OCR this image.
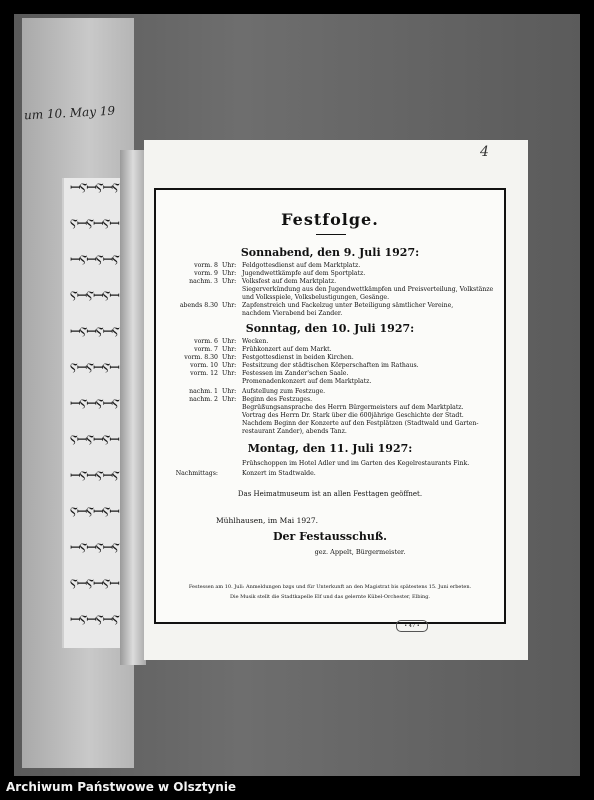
um 10. May 19
ꟷⲊꟷⲊꟷⲊ
ⲊꟷⲊꟷⲊꟷ
ꟷⲊꟷⲊꟷⲊ
ⲊꟷⲊꟷⲊꟷ
ꟷⲊꟷⲊꟷⲊ
ⲊꟷⲊꟷⲊꟷ
ꟷⲊꟷⲊꟷⲊ
ⲊꟷⲊꟷⲊꟷ
ꟷⲊꟷⲊꟷⲊ
ⲊꟷⲊꟷⲊꟷ
ꟷⲊꟷⲊꟷⲊ
ⲊꟷⲊꟷⲊꟷ
ꟷⲊꟷⲊꟷⲊ
4
Festfolge.
Sonnabend, den 9. Juli 1927:
vorm. 8 Uhr: Feldgottesdienst auf dem Marktplatz.
vorm. 9 Uhr: Jugendwettkämpfe auf dem Sportplatz.
nachm. 3 Uhr: Volksfest auf dem Marktplatz.
Siegerverkündung aus den Jugendwettkämpfen und Preisverteilung, Volkstänze und Volksspiele, Volksbelustigungen, Gesänge.
abends 8.30 Uhr: Zapfenstreich und Fackelzug unter Beteiligung sämtlicher Vereine,
nachdem Vierabend bei Zander.
Sonntag, den 10. Juli 1927:
vorm. 6 Uhr: Wecken.
vorm. 7 Uhr: Frühkonzert auf dem Markt.
vorm. 8.30 Uhr: Festgottesdienst in beiden Kirchen.
vorm. 10 Uhr: Festsitzung der städtischen Körperschaften im Rathaus.
vorm. 12 Uhr: Festessen im Zander'schen Saale.
Promenadenkonzert auf dem Marktplatz.
nachm. 1 Uhr: Aufstellung zum Festzuge.
nachm. 2 Uhr: Beginn des Festzuges.
Begrüßungsansprache des Herrn Bürgermeisters auf dem Marktplatz.
Vortrag des Herrn Dr. Stark über die 600jährige Geschichte der Stadt.
Nachdem Beginn der Konzerte auf den Festplätzen (Stadtwald und Garten-
restaurant Zander), abends Tanz.
Montag, den 11. Juli 1927:
Frühschoppen im Hotel Adler und im Garten des Kegelrestaurants Fink.
Nachmittags:	Konzert im Stadtwalde.
Das Heimatmuseum ist an allen Festtagen geöffnet.
Mühlhausen, im Mai 1927.
Der Festausschuß.
gez. Appelt, Bürgermeister.
Festessen am 10. Juli: Anmeldungen bzgs und für Unterkunft an den Magistrat bis spätestens 15. Juni erbeten.
Die Musik stellt die Stadtkapelle Elf und das gelernte Kübel-Orchester, Elbing.
• 47 •
Archiwum Państwowe w Olsztynie
